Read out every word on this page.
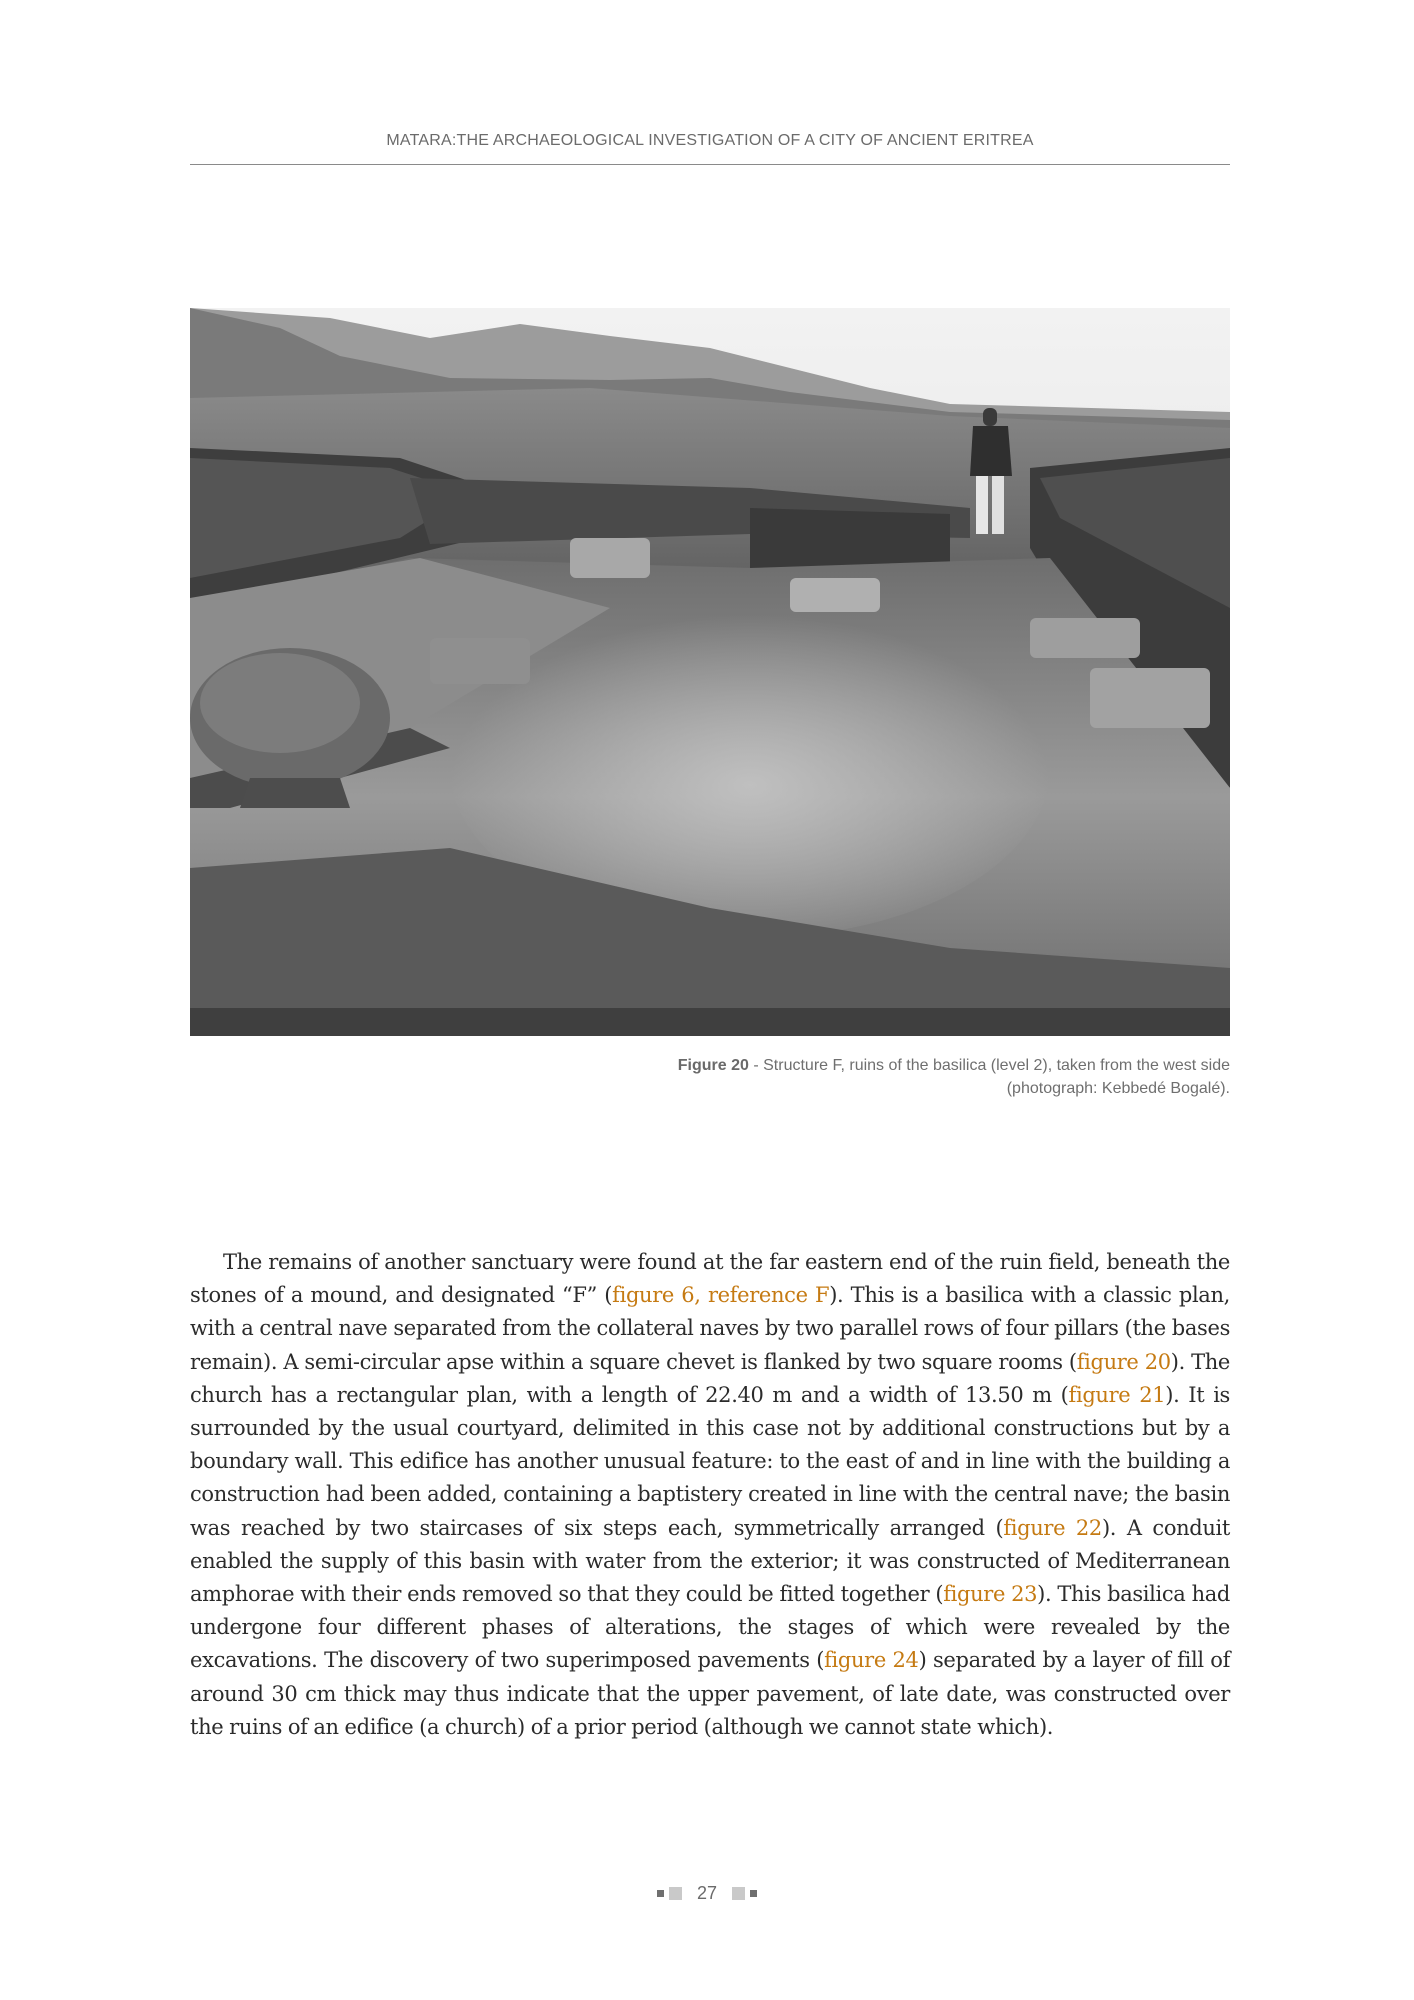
MATARA:THE ARCHAEOLOGICAL INVESTIGATION OF A CITY OF ANCIENT ERITREA
Figure 20 - Structure F, ruins of the basilica (level 2), taken from the west side
(photograph: Kebbedé Bogalé).

The remains of another sanctuary were found at the far eastern end of the ruin field, beneath the stones of a mound, and designated “F” (figure 6, reference F). This is a basilica with a classic plan, with a central nave separated from the collateral naves by two parallel rows of four pillars (the bases remain). A semi-circular apse within a square chevet is flanked by two square rooms (figure 20). The church has a rectangular plan, with a length of 22.40 m and a width of 13.50 m (figure 21). It is surrounded by the usual courtyard, delimited in this case not by additional constructions but by a boundary wall. This edifice has another unusual feature: to the east of and in line with the building a construction had been added, containing a baptistery created in line with the central nave; the basin was reached by two staircases of six steps each, symmetrically arranged (figure 22). A conduit enabled the supply of this basin with water from the exterior; it was constructed of Mediterranean amphorae with their ends removed so that they could be fitted together (figure 23). This basilica had undergone four different phases of alterations, the stages of which were revealed by the excavations. The discovery of two superimposed pavements (figure 24) separated by a layer of fill of around 30 cm thick may thus indicate that the upper pavement, of late date, was constructed over the ruins of an edifice (a church) of a prior period (although we cannot state which).

27
